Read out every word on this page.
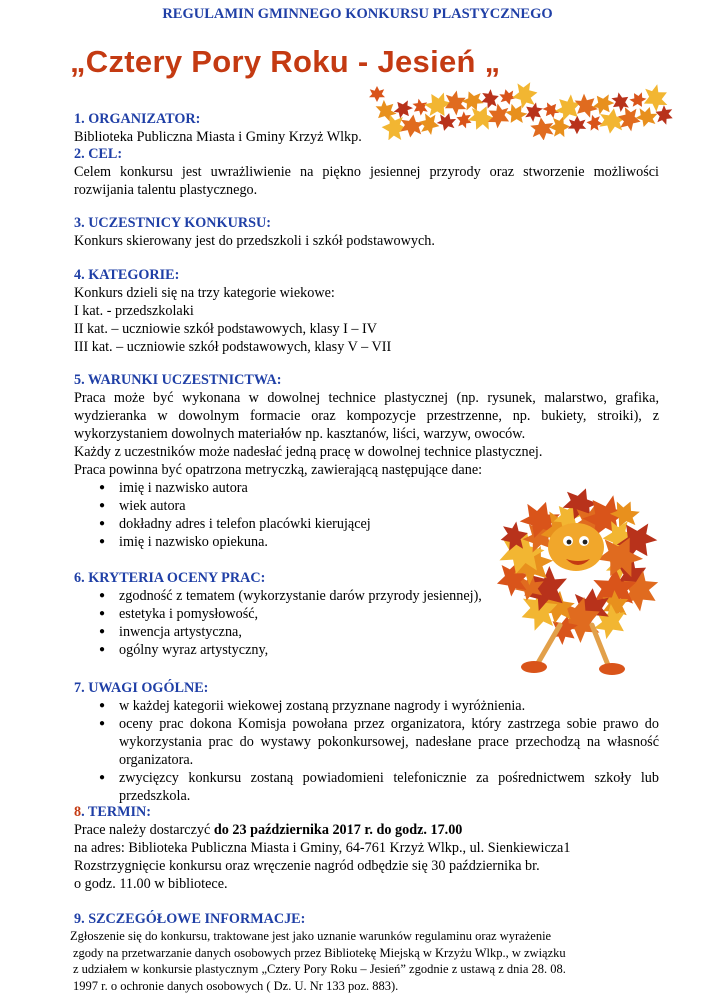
REGULAMIN GMINNEGO KONKURSU PLASTYCZNEGO
„Cztery Pory Roku - Jesień „
1. ORGANIZATOR:
Biblioteka Publiczna Miasta i Gminy Krzyż Wlkp.
2. CEL:
Celem konkursu jest uwrażliwienie na piękno jesiennej przyrody oraz stworzenie możliwości rozwijania talentu plastycznego.
3. UCZESTNICY KONKURSU:
Konkurs skierowany jest do przedszkoli i szkół podstawowych.
4. KATEGORIE:
Konkurs dzieli się na trzy kategorie wiekowe:
I kat. - przedszkolaki
II kat. – uczniowie szkół podstawowych, klasy I – IV
III kat. – uczniowie szkół podstawowych, klasy V – VII
5. WARUNKI UCZESTNICTWA:
Praca może być wykonana w dowolnej technice plastycznej (np. rysunek, malarstwo, grafika, wydzieranka w dowolnym formacie oraz kompozycje przestrzenne, np. bukiety, stroiki), z wykorzystaniem dowolnych materiałów np. kasztanów, liści, warzyw, owoców.
Każdy z uczestników może nadesłać jedną pracę w dowolnej technice plastycznej.
Praca powinna być opatrzona metryczką, zawierającą następujące dane:
● imię i nazwisko autora
● wiek autora
● dokładny adres i telefon placówki kierującej
● imię i nazwisko opiekuna.
6. KRYTERIA OCENY PRAC:
● zgodność z tematem (wykorzystanie darów przyrody jesiennej),
● estetyka i pomysłowość,
● inwencja artystyczna,
● ogólny wyraz artystyczny,
7. UWAGI OGÓLNE:
● w każdej kategorii wiekowej zostaną przyznane nagrody i wyróżnienia.
● oceny prac dokona Komisja powołana przez organizatora, który zastrzega sobie prawo do wykorzystania prac do wystawy pokonkursowej, nadesłane prace przechodzą na własność organizatora.
● zwycięzcy konkursu zostaną powiadomieni telefonicznie za pośrednictwem szkoły lub przedszkola.
8. TERMIN:
Prace należy dostarczyć do 23 października 2017 r. do godz. 17.00
na adres: Biblioteka Publiczna Miasta i Gminy, 64-761 Krzyż Wlkp., ul. Sienkiewicza1
Rozstrzygnięcie konkursu oraz wręczenie nagród odbędzie się 30 października br.
o godz. 11.00 w bibliotece.
9. SZCZEGÓŁOWE INFORMACJE:
Zgłoszenie się do konkursu, traktowane jest jako uznanie warunków regulaminu oraz wyrażenie
zgody na przetwarzanie danych osobowych przez Bibliotekę Miejską w Krzyżu Wlkp., w związku
z udziałem w konkursie plastycznym „Cztery Pory Roku – Jesień” zgodnie z ustawą z dnia 28. 08.
1997 r. o ochronie danych osobowych ( Dz. U. Nr 133 poz. 883).
